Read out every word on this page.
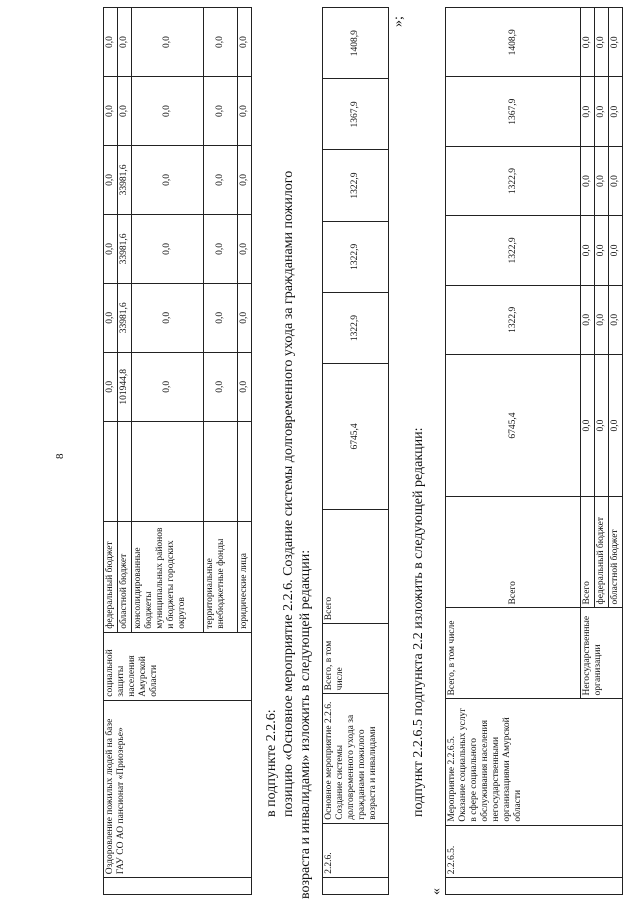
8
	Оздоровление пожилых людей на базе ГАУ СО АО пансионат «Приозерье»	социальной защиты населения Амурской области	федеральный бюджет		0,0	0,0	0,0	0,0	0,0	0,0
			областной бюджет		101944,8	33981,6	33981,6	33981,6	0,0	0,0
			консолидированные бюджеты муниципальных районов и бюджеты городских округов		0,0	0,0	0,0	0,0	0,0	0,0
			территориальные внебюджетные фонды		0,0	0,0	0,0	0,0	0,0	0,0
			юридические лица		0,0	0,0	0,0	0,0	0,0	0,0
в подпункте 2.2.6: позицию «Основное мероприятие 2.2.6. Создание системы долговременного ухода за гражданами пожилого возраста и инвалидами» изложить в следующей редакции:
	2.2.6.	Основное мероприятие 2.2.6. Создание системы долговременного ухода за гражданами пожилого возраста и инвалидами	Всего, в том числе	Всего	6745,4	1322,9	1322,9	1322,9	1367,9	1408,9
»;
подпункт 2.2.6.5 подпункта 2.2 изложить в следующей редакции:
«
	2.2.6.5.	Мероприятие 2.2.6.5. Оказание социальных услуг в сфере социального обслуживания населения негосударственными организациями Амурской области	Всего, в том числе	Всего	6745,4	1322,9	1322,9	1322,9	1367,9	1408,9
			Негосударственные организации	Всего	0,0	0,0	0,0	0,0	0,0	0,0
				федеральный бюджет	0,0	0,0	0,0	0,0	0,0	0,0
				областной бюджет	0,0	0,0	0,0	0,0	0,0	0,0
